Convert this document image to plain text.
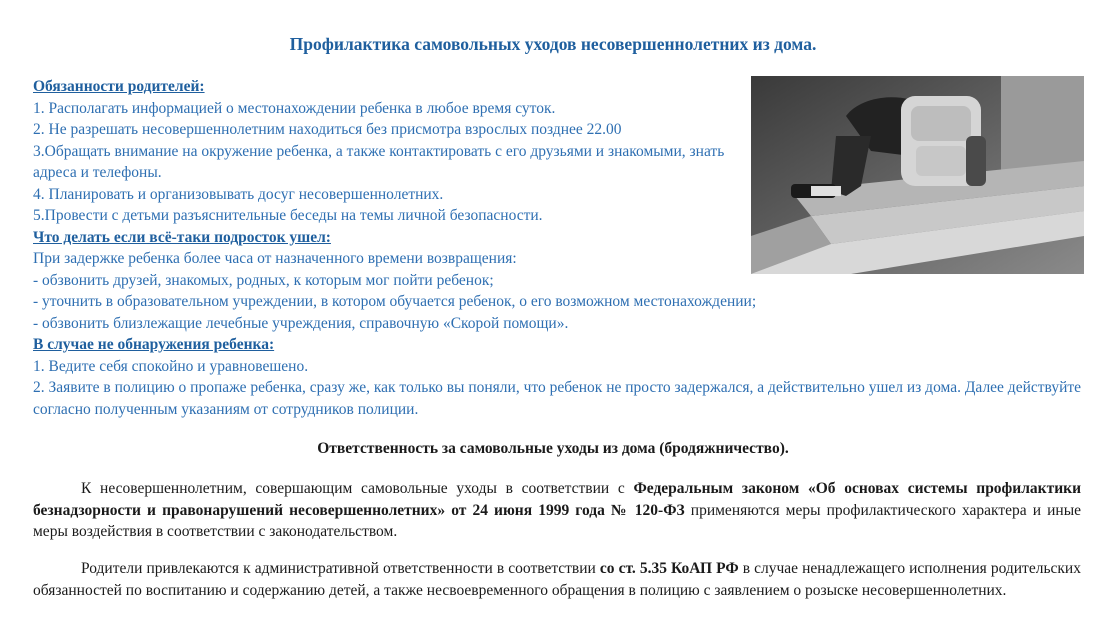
Профилактика самовольных уходов несовершеннолетних из дома.

Обязанности родителей:

1. Располагать информацией о местонахождении ребенка в любое время суток.

2. Не разрешать несовершеннолетним находиться без присмотра взрослых позднее 22.00

3.Обращать внимание на окружение ребенка, а также контактировать с его друзьями и знакомыми, знать адреса и телефоны.

4. Планировать и организовывать досуг несовершеннолетних.

5.Провести с детьми разъяснительные беседы на темы личной безопасности.

Что делать если всё-таки подросток ушел:

При задержке ребенка более часа от назначенного времени возвращения:

- обзвонить друзей, знакомых, родных, к которым мог пойти ребенок;

- уточнить в образовательном учреждении, в котором обучается ребенок, о его возможном местонахождении;

- обзвонить близлежащие лечебные учреждения, справочную «Скорой помощи».

В случае не обнаружения ребенка:

1. Ведите себя спокойно и уравновешено.

2. Заявите в полицию о пропаже ребенка, сразу же, как только вы поняли, что ребенок не просто задержался, а действительно ушел из дома. Далее действуйте согласно полученным указаниям от сотрудников полиции.

Ответственность за самовольные уходы из дома (бродяжничество).

К несовершеннолетним, совершающим самовольные уходы в соответствии с Федеральным законом «Об основах системы профилактики безнадзорности и правонарушений несовершеннолетних» от 24 июня 1999 года № 120-ФЗ применяются меры профилактического характера и иные меры воздействия в соответствии с законодательством.

Родители привлекаются к административной ответственности в соответствии со ст. 5.35 КоАП РФ в случае ненадлежащего исполнения родительских обязанностей по воспитанию и содержанию детей, а также несвоевременного обращения в полицию с заявлением о розыске несовершеннолетних.
